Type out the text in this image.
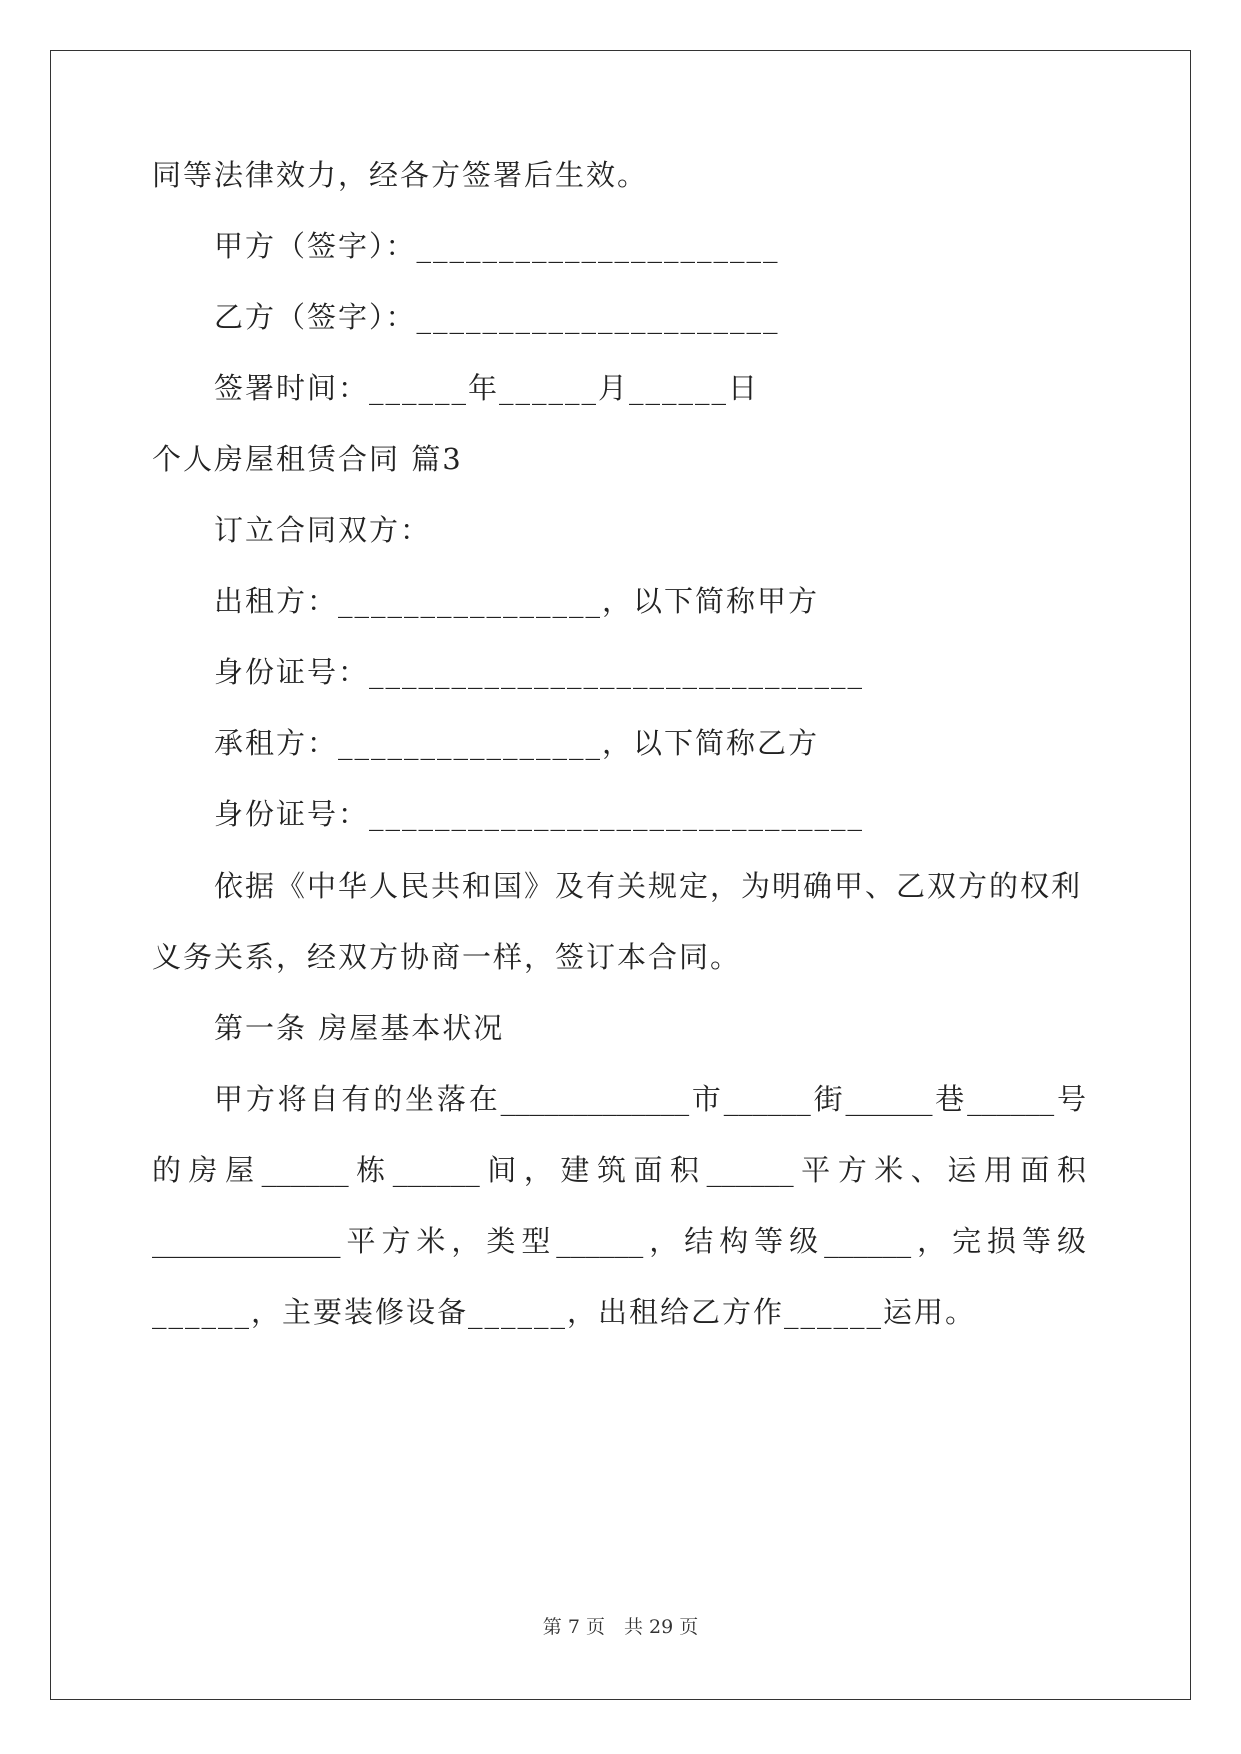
同等法律效力，经各方签署后生效。
甲方（签字）：______________________
乙方（签字）：______________________
签署时间：______年______月______日
个人房屋租赁合同 篇3
订立合同双方：
出租方：________________，以下简称甲方
身份证号：______________________________
承租方：________________，以下简称乙方
身份证号：______________________________
依据《中华人民共和国》及有关规定，为明确甲、乙双方的权利
义务关系，经双方协商一样，签订本合同。
第一条 房屋基本状况
甲方将自有的坐落在_____________市______街______巷______号
的房屋______栋______间，建筑面积______平方米、运用面积
_____________平方米，类型______，结构等级______，完损等级
______，主要装修设备______，出租给乙方作______运用。
第 7 页　共 29 页
